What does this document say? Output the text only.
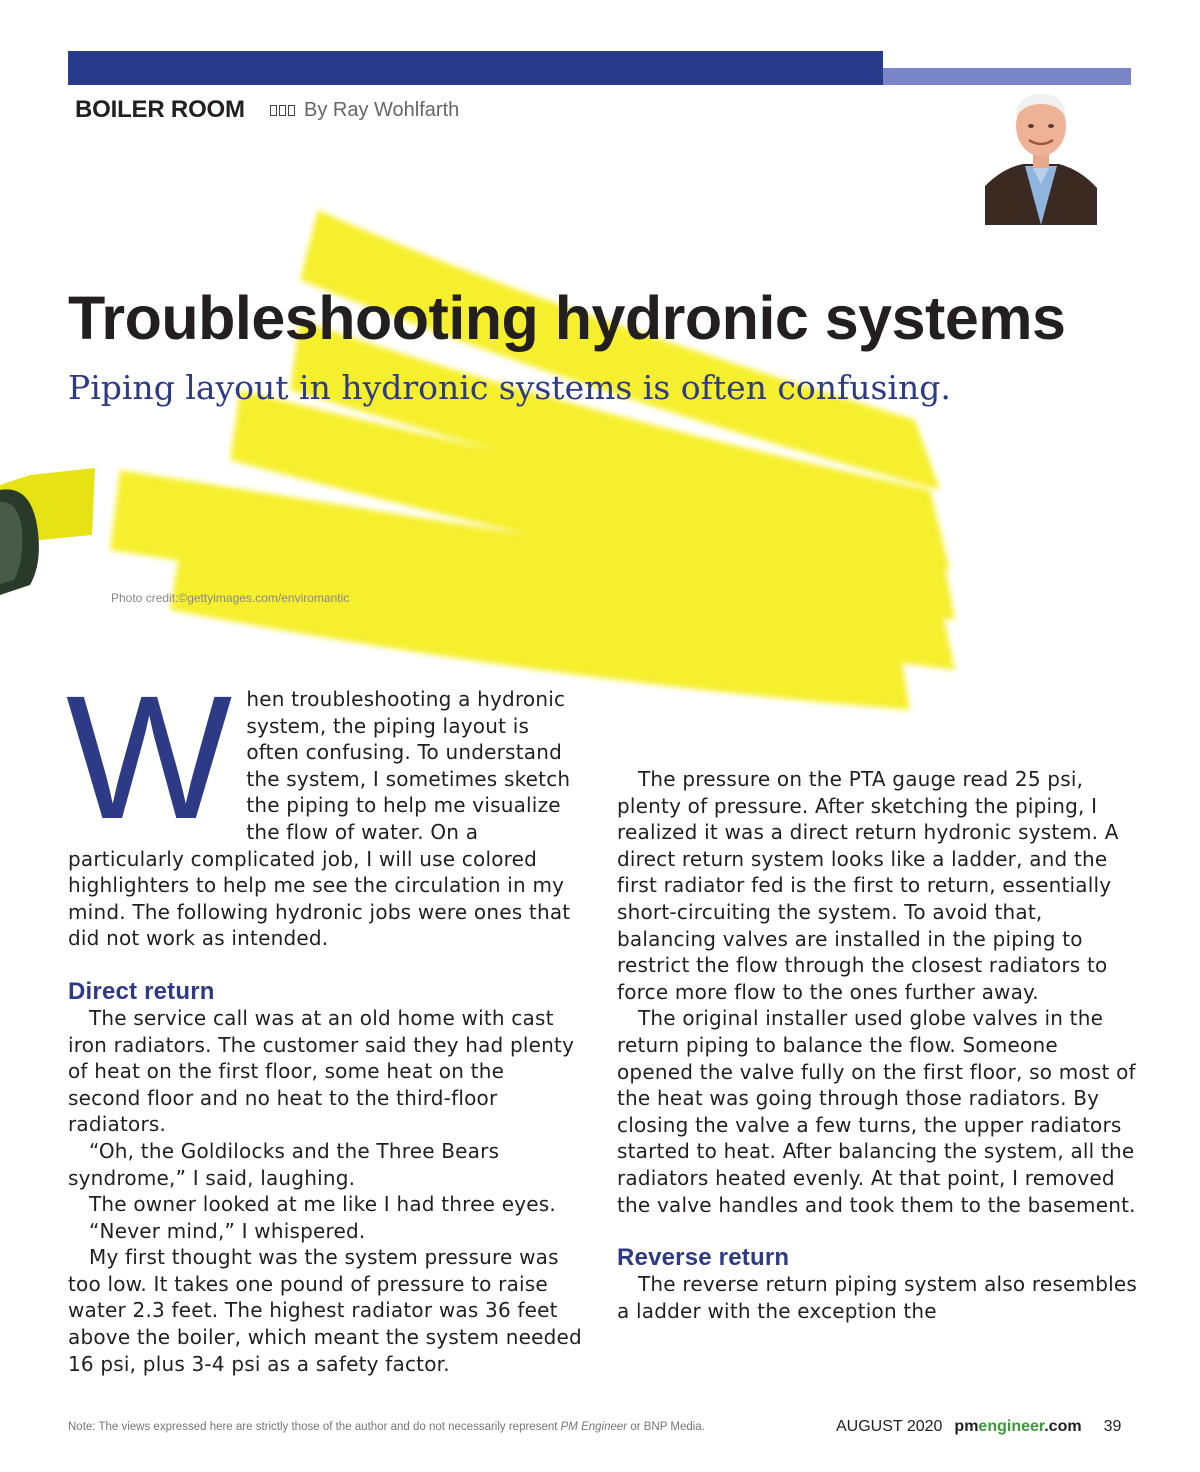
BOILER ROOM	By Ray Wohlfarth
Troubleshooting hydronic systems
Piping layout in hydronic systems is often confusing.
Photo credit:©gettyimages.com/enviromantic
W hen troubleshooting a hydronic system, the piping layout is often confusing. To understand the system, I sometimes sketch the piping to help me visualize the flow of water. On a particularly complicated job, I will use colored highlighters to help me see the circulation in my mind. The following hydronic jobs were ones that did not work as intended.

Direct return

The service call was at an old home with cast iron radiators. The customer said they had plenty of heat on the first floor, some heat on the second floor and no heat to the third-floor radiators.

“Oh, the Goldilocks and the Three Bears syndrome,” I said, laughing.

The owner looked at me like I had three eyes.

“Never mind,” I whispered.

My first thought was the system pressure was too low. It takes one pound of pressure to raise water 2.3 feet. The highest radiator was 36 feet above the boiler, which meant the system needed 16 psi, plus 3-4 psi as a safety factor.

The pressure on the PTA gauge read 25 psi, plenty of pressure. After sketching the piping, I realized it was a direct return hydronic system. A direct return system looks like a ladder, and the first radiator fed is the first to return, essentially short-circuiting the system. To avoid that, balancing valves are installed in the piping to restrict the flow through the closest radiators to force more flow to the ones further away.

The original installer used globe valves in the return piping to balance the flow. Someone opened the valve fully on the first floor, so most of the heat was going through those radiators. By closing the valve a few turns, the upper radiators started to heat. After balancing the system, all the radiators heated evenly. At that point, I removed the valve handles and took them to the basement.

Reverse return

The reverse return piping system also resembles a ladder with the exception the

Note: The views expressed here are strictly those of the author and do not necessarily represent PM Engineer or BNP Media.	AUGUST 2020 pmengineer.com 39
